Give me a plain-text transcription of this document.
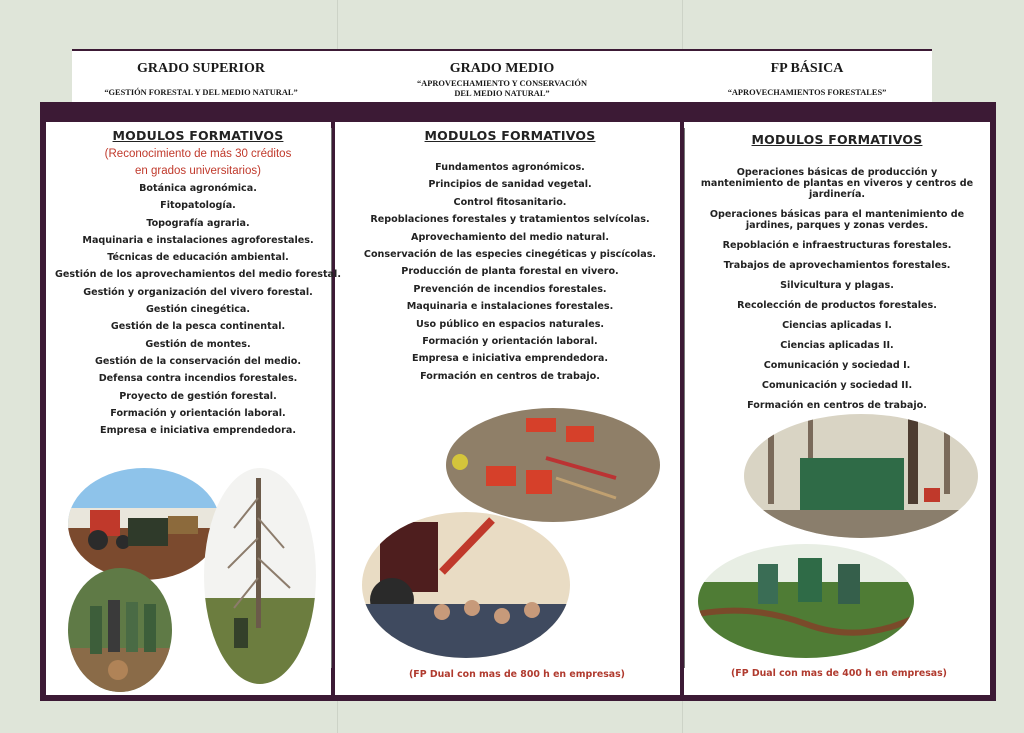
GRADO SUPERIOR
“GESTIÓN FORESTAL Y DEL MEDIO NATURAL”
GRADO MEDIO
“APROVECHAMIENTO Y CONSERVACIÓN
DEL MEDIO NATURAL”
FP BÁSICA
“APROVECHAMIENTOS FORESTALES”
MODULOS FORMATIVOS
(Reconocimiento de más 30 créditos
en grados universitarios)
Botánica agronómica.
Fitopatología.
Topografía agraria.
Maquinaria e instalaciones agroforestales.
Técnicas de educación ambiental.
Gestión de los aprovechamientos del medio forestal.
Gestión y organización del vivero forestal.
Gestión cinegética.
Gestión de la pesca continental.
Gestión de montes.
Gestión de la conservación del medio.
Defensa contra incendios forestales.
Proyecto de gestión forestal.
Formación y orientación laboral.
Empresa e iniciativa emprendedora.
MODULOS FORMATIVOS
Fundamentos agronómicos.
Principios de sanidad vegetal.
Control fitosanitario.
Repoblaciones forestales y tratamientos selvícolas.
Aprovechamiento del medio natural.
Conservación de las especies cinegéticas y piscícolas.
Producción de planta forestal en vivero.
Prevención de incendios forestales.
Maquinaria e instalaciones forestales.
Uso público en espacios naturales.
Formación y orientación laboral.
Empresa e iniciativa emprendedora.
Formación en centros de trabajo.
MODULOS FORMATIVOS
Operaciones básicas de producción y mantenimiento de plantas en viveros y centros de jardinería.
Operaciones básicas para el mantenimiento de jardines, parques y zonas verdes.
Repoblación e infraestructuras forestales.
Trabajos de aprovechamientos forestales.
Silvicultura y plagas.
Recolección de productos forestales.
Ciencias aplicadas I.
Ciencias aplicadas II.
Comunicación y sociedad I.
Comunicación y sociedad II.
Formación en centros de trabajo.
(FP Dual con mas de 800 h en empresas)	(FP Dual con mas de 400 h en empresas)
